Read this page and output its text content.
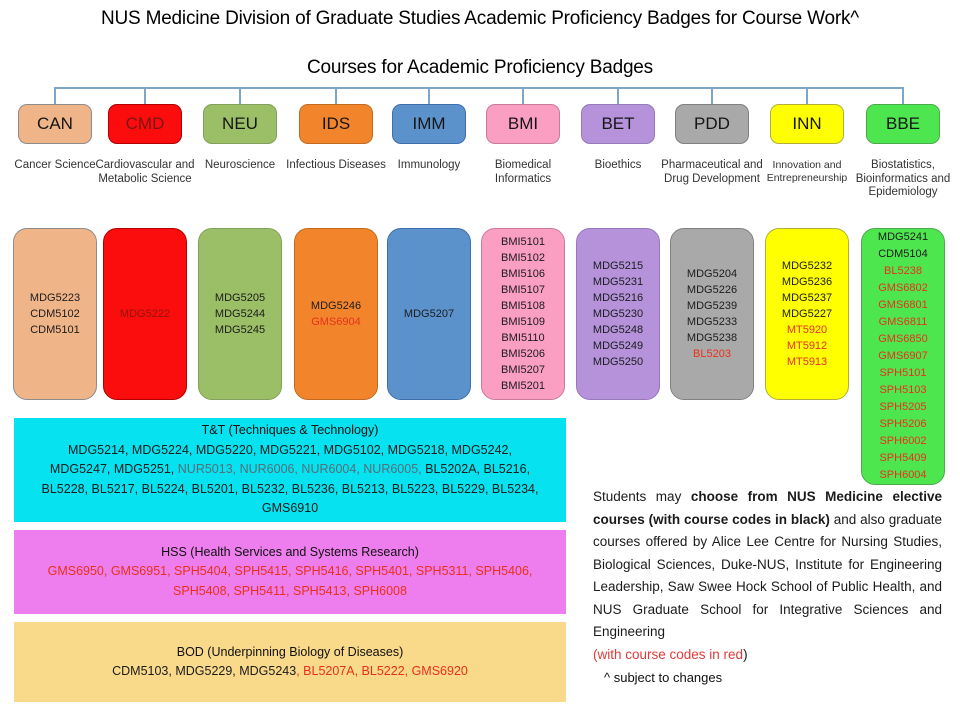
NUS Medicine Division of Graduate Studies Academic Proficiency Badges for Course Work^
Courses for Academic Proficiency Badges
CAN
Cancer Science
MDG5223
CDM5102
CDM5101
CMD
Cardiovascular and Metabolic Science
MDG5222
NEU
Neuroscience
MDG5205
MDG5244
MDG5245
IDS
Infectious Diseases
MDG5246
GMS6904
IMM
Immunology
MDG5207
BMI
Biomedical Informatics
BMI5101
BMI5102
BMI5106
BMI5107
BMI5108
BMI5109
BMI5110
BMI5206
BMI5207
BMI5201
BET
Bioethics
MDG5215
MDG5231
MDG5216
MDG5230
MDG5248
MDG5249
MDG5250
PDD
Pharmaceutical and Drug Development
MDG5204
MDG5226
MDG5239
MDG5233
MDG5238
BL5203
INN
Innovation and Entrepreneurship
MDG5232
MDG5236
MDG5237
MDG5227
MT5920
MT5912
MT5913
BBE
Biostatistics, Bioinformatics and Epidemiology
MDG5241
CDM5104
BL5238
GMS6802
GMS6801
GMS6811
GMS6850
GMS6907
SPH5101
SPH5103
SPH5205
SPH5206
SPH6002
SPH5409
SPH6004
T&T (Techniques & Technology)
MDG5214, MDG5224, MDG5220, MDG5221, MDG5102, MDG5218, MDG5242,
MDG5247, MDG5251, NUR5013, NUR6006, NUR6004, NUR6005, BL5202A, BL5216,
BL5228, BL5217, BL5224, BL5201, BL5232, BL5236, BL5213, BL5223, BL5229, BL5234,
GMS6910
HSS (Health Services and Systems Research)
GMS6950, GMS6951, SPH5404, SPH5415, SPH5416, SPH5401, SPH5311, SPH5406,
SPH5408, SPH5411, SPH5413, SPH6008
BOD (Underpinning Biology of Diseases)
CDM5103, MDG5229, MDG5243, BL5207A, BL5222, GMS6920

Students may choose from NUS Medicine elective courses (with course codes in black) and also graduate courses offered by Alice Lee Centre for Nursing Studies, Biological Sciences, Duke-NUS, Institute for Engineering Leadership, Saw Swee Hock School of Public Health, and NUS Graduate School for Integrative Sciences and Engineering
(with course codes in red)

^ subject to changes
